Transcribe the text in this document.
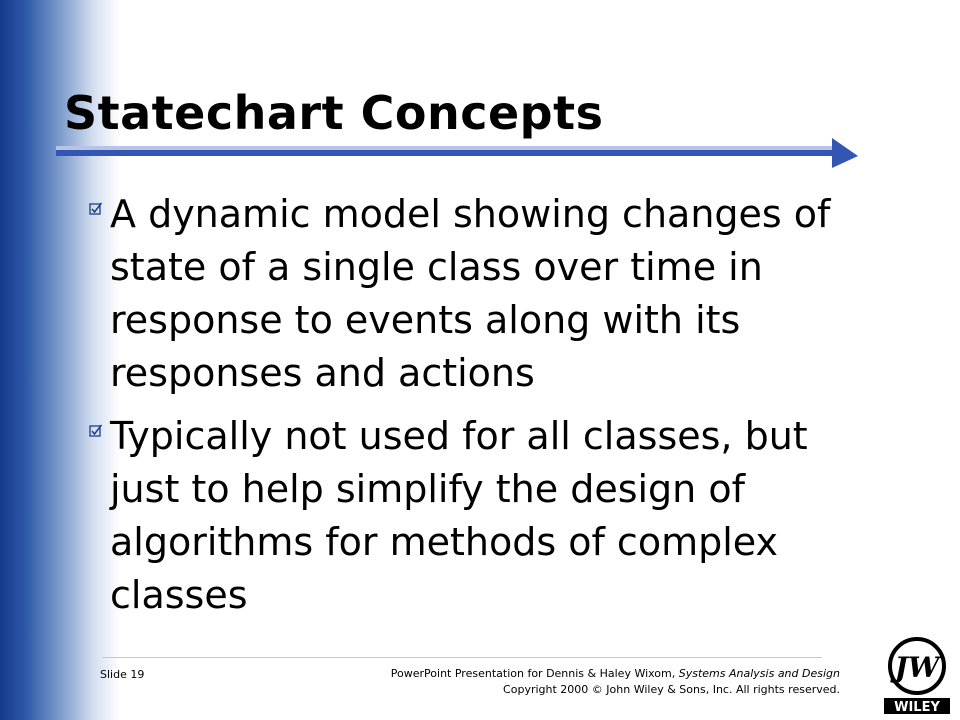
Statechart Concepts
A dynamic model showing changes of state of a single class over time in response to events along with its responses and actions
Typically not used for all classes, but just to help simplify the design of algorithms for methods of complex classes
Slide 19	PowerPoint Presentation for Dennis & Haley Wixom, Systems Analysis and Design
Copyright 2000 © John Wiley & Sons, Inc. All rights reserved.
JW
WILEY
